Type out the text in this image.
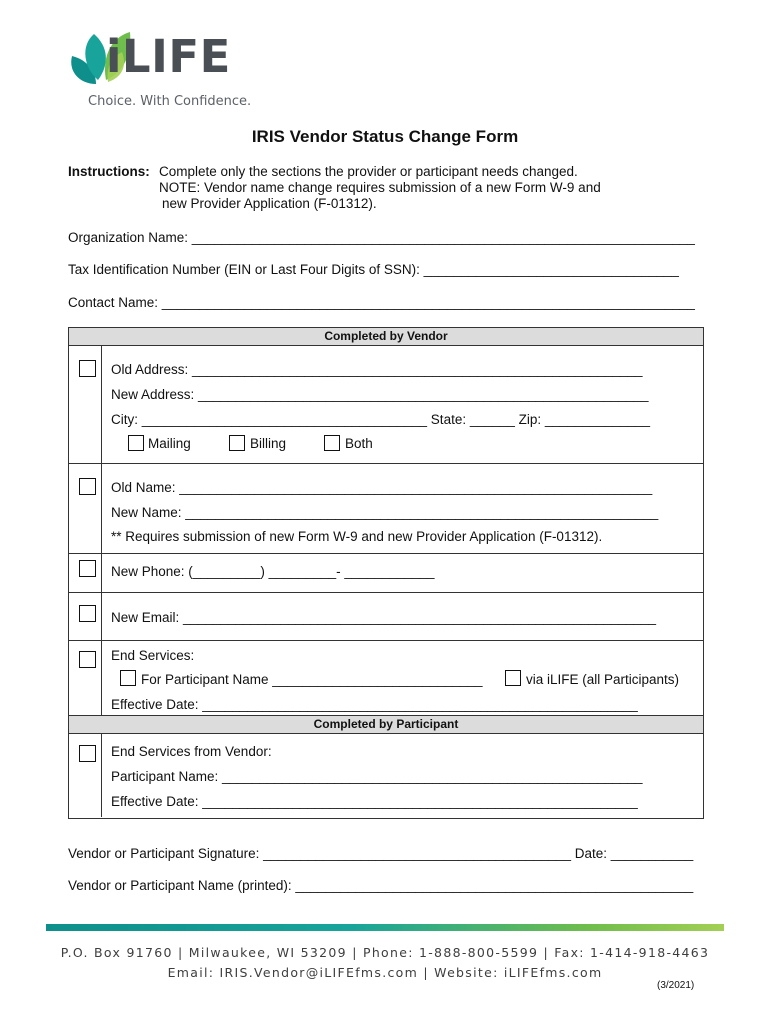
iLIFE
Choice. With Confidence.
IRIS Vendor Status Change Form
Instructions: Complete only the sections the provider or participant needs changed.
NOTE: Vendor name change requires submission of a new Form W-9 and
new Provider Application (F-01312).
Organization Name: ___________________________________________________________________
Tax Identification Number (EIN or Last Four Digits of SSN): __________________________________
Contact Name: _______________________________________________________________________
Completed by Vendor
Old Address: ____________________________________________________________
New Address: ____________________________________________________________
City: ______________________________________ State: ______ Zip: ______________
Mailing	Billing	Both
Old Name: _______________________________________________________________
New Name: _______________________________________________________________
** Requires submission of new Form W-9 and new Provider Application (F-01312).
New Phone: (_________) _________- ____________
New Email: _______________________________________________________________
End Services:
For Participant Name ____________________________	via iLIFE (all Participants)
Effective Date: __________________________________________________________
Completed by Participant
End Services from Vendor:
Participant Name: ________________________________________________________
Effective Date: __________________________________________________________
Vendor or Participant Signature: _________________________________________ Date: ___________
Vendor or Participant Name (printed): _____________________________________________________
P.O. Box 91760 | Milwaukee, WI 53209 | Phone: 1-888-800-5599 | Fax: 1-414-918-4463
Email: IRIS.Vendor@iLIFEfms.com | Website: iLIFEfms.com
(3/2021)
